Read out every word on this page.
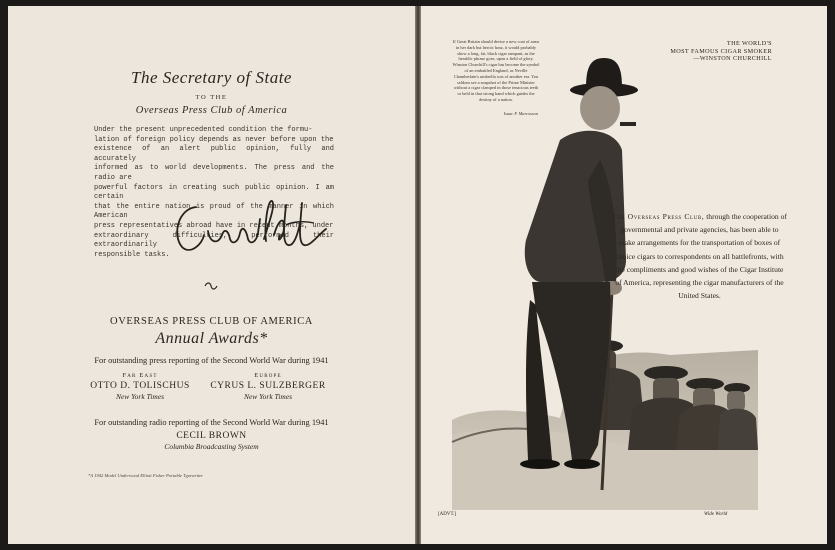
The Secretary of State
TO THE
Overseas Press Club of America
Under the present unprecedented condition the formu-
lation of foreign policy depends as never before upon the
existence of an alert public opinion, fully and accurately
informed as to world developments. The press and the radio are
powerful factors in creating such public opinion. I am certain
that the entire nation is proud of the manner in which American
press representatives abroad have in recent months, under
extraordinary difficulties, performed their extraordinarily
responsible tasks.
OVERSEAS PRESS CLUB OF AMERICA
Annual Awards*
For outstanding press reporting of the Second World War during 1941
Far East
OTTO D. TOLISCHUS
New York Times
Europe
CYRUS L. SULZBERGER
New York Times
For outstanding radio reporting of the Second World War during 1941
CECIL BROWN
Columbia Broadcasting System
*A 1942 Model Underwood Elliott Fisher Portable Typewriter
If Great Britain should devise a new coat of arms in her dark but heroic hour, it would probably show a long, fat, black cigar rampant, as the heraldic phrase goes, upon a field of glory. Winston Churchill's cigar has become the symbol of an embattled England, as Neville Chamberlain's umbrella was of another era. You seldom see a snapshot of the Prime Minister without a cigar clamped in those tenacious teeth or held in that strong hand which guides the destiny of a nation.
Isaac F. Marcosson
THE WORLD'S
MOST FAMOUS CIGAR SMOKER
—WINSTON CHURCHILL
The Overseas Press Club, through the cooperation of governmental and private agencies, has been able to make arrangements for the transportation of boxes of choice cigars to correspondents on all battlefronts, with the compliments and good wishes of the Cigar Institute of America, representing the cigar manufacturers of the United States.
[ADVT.]	Wide World
